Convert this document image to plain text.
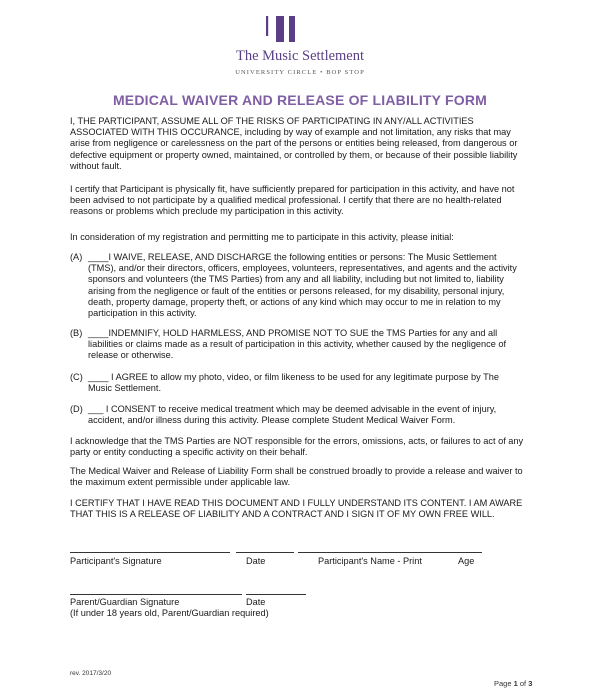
The Music Settlement
UNIVERSITY CIRCLE • BOP STOP
MEDICAL WAIVER AND RELEASE OF LIABILITY FORM

I, THE PARTICIPANT, ASSUME ALL OF THE RISKS OF PARTICIPATING IN ANY/ALL ACTIVITIES ASSOCIATED WITH THIS OCCURANCE, including by way of example and not limitation, any risks that may arise from negligence or carelessness on the part of the persons or entities being released, from dangerous or defective equipment or property owned, maintained, or controlled by them, or because of their possible liability without fault.

I certify that Participant is physically fit, have sufficiently prepared for participation in this activity, and have not been advised to not participate by a qualified medical professional. I certify that there are no health-related reasons or problems which preclude my participation in this activity.

In consideration of my registration and permitting me to participate in this activity, please initial:

(A) ____I WAIVE, RELEASE, AND DISCHARGE the following entities or persons: The Music Settlement (TMS), and/or their directors, officers, employees, volunteers, representatives, and agents and the activity sponsors and volunteers (the TMS Parties) from any and all liability, including but not limited to, liability arising from the negligence or fault of the entities or persons released, for my disability, personal injury, death, property damage, property theft, or actions of any kind which may occur to me in relation to my participation in this activity.
(B) ____INDEMNIFY, HOLD HARMLESS, AND PROMISE NOT TO SUE the TMS Parties for any and all liabilities or claims made as a result of participation in this activity, whether caused by the negligence of release or otherwise.
(C) ____ I AGREE to allow my photo, video, or film likeness to be used for any legitimate purpose by The Music Settlement.
(D) ___ I CONSENT to receive medical treatment which may be deemed advisable in the event of injury, accident, and/or illness during this activity. Please complete Student Medical Waiver Form.

I acknowledge that the TMS Parties are NOT responsible for the errors, omissions, acts, or failures to act of any party or entity conducting a specific activity on their behalf.

The Medical Waiver and Release of Liability Form shall be construed broadly to provide a release and waiver to the maximum extent permissible under applicable law.

I CERTIFY THAT I HAVE READ THIS DOCUMENT AND I FULLY UNDERSTAND ITS CONTENT. I AM AWARE THAT THIS IS A RELEASE OF LIABILITY AND A CONTRACT AND I SIGN IT OF MY OWN FREE WILL.

Participant's Signature	Date	Participant's Name - Print	Age
Parent/Guardian Signature	Date
(If under 18 years old, Parent/Guardian required)
rev. 2017/3/20
Page 1 of 3
